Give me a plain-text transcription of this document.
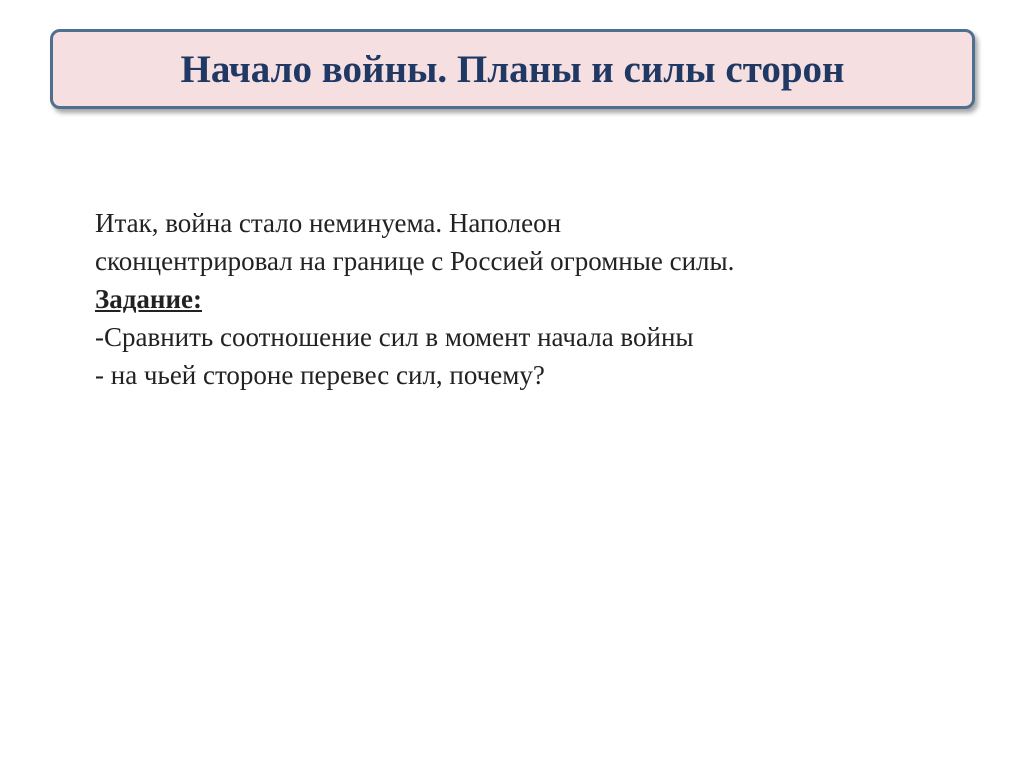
Начало войны. Планы и силы сторон
Итак, война стало неминуема. Наполеон
сконцентрировал на границе с Россией огромные силы.
Задание:
-Сравнить соотношение сил в момент начала войны
- на чьей стороне перевес сил, почему?
